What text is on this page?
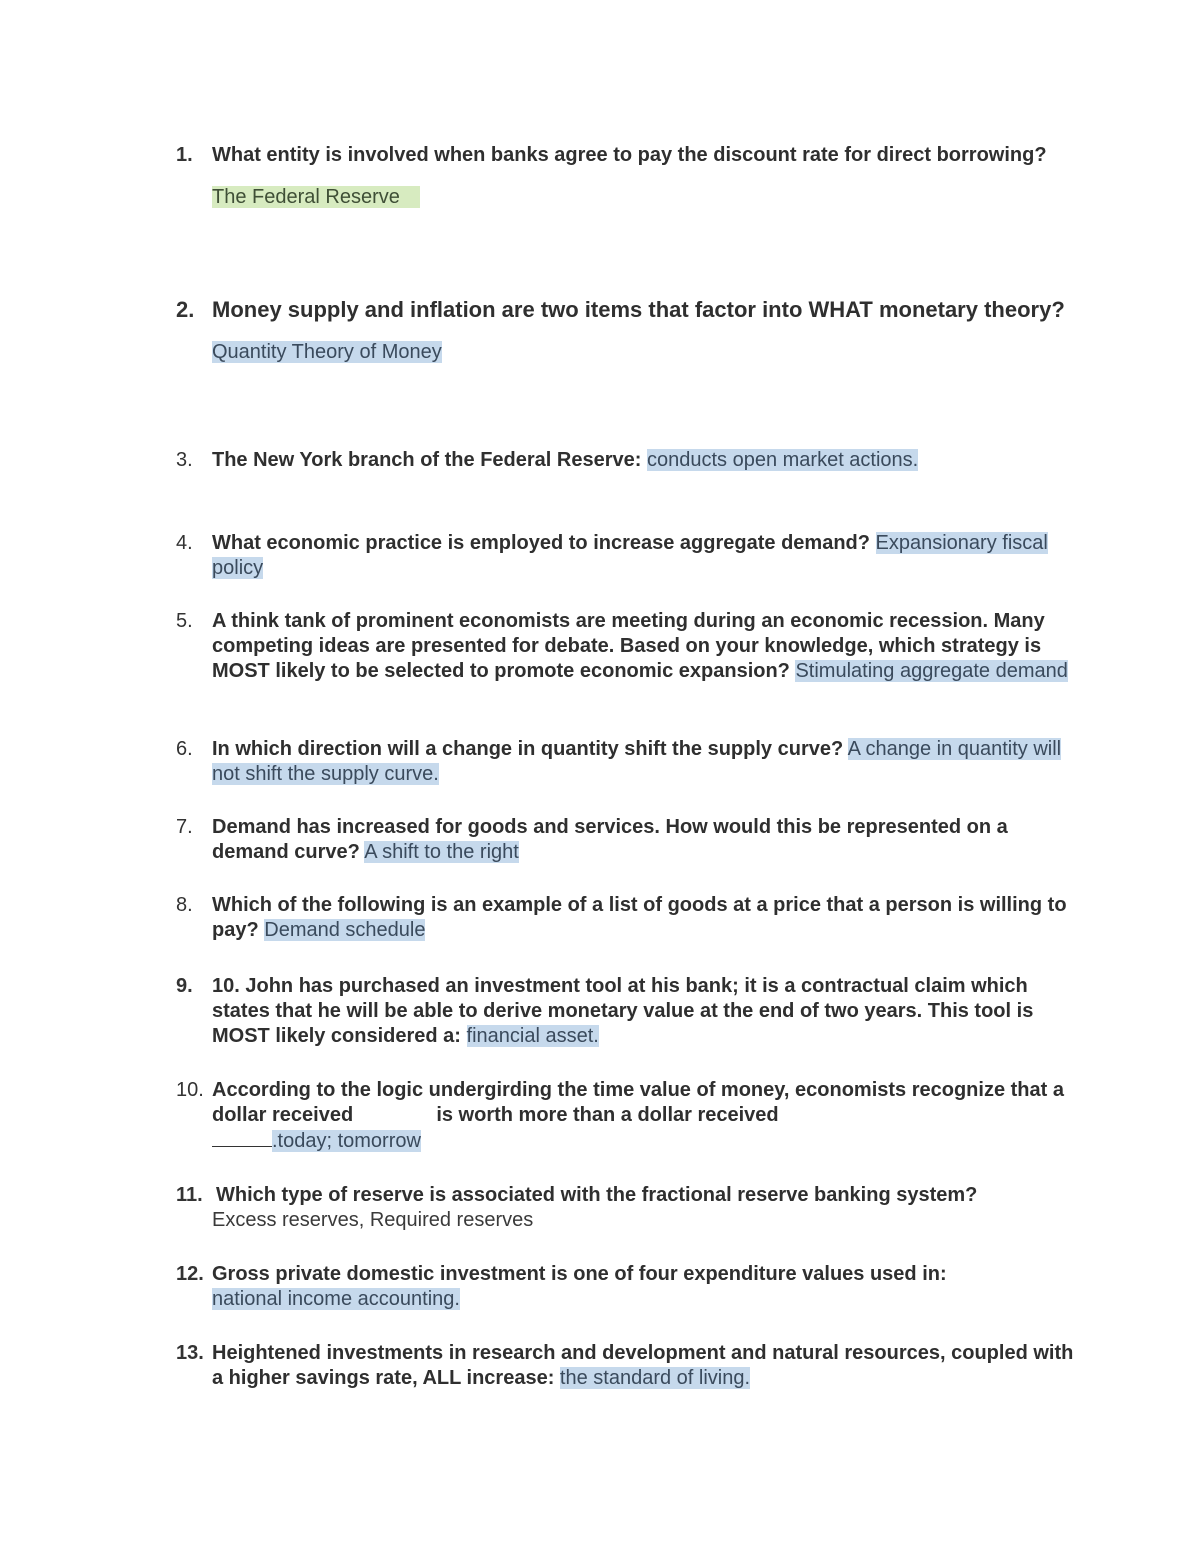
1. What entity is involved when banks agree to pay the discount rate for direct borrowing?
The Federal Reserve
2. Money supply and inflation are two items that factor into WHAT monetary theory?
Quantity Theory of Money
3. The New York branch of the Federal Reserve: conducts open market actions.
4. What economic practice is employed to increase aggregate demand? Expansionary fiscal policy
5. A think tank of prominent economists are meeting during an economic recession. Many competing ideas are presented for debate. Based on your knowledge, which strategy is MOST likely to be selected to promote economic expansion? Stimulating aggregate demand
6. In which direction will a change in quantity shift the supply curve? A change in quantity will not shift the supply curve.
7. Demand has increased for goods and services. How would this be represented on a demand curve? A shift to the right
8. Which of the following is an example of a list of goods at a price that a person is willing to pay? Demand schedule
9. 10. John has purchased an investment tool at his bank; it is a contractual claim which states that he will be able to derive monetary value at the end of two years. This tool is MOST likely considered a: financial asset.
10. According to the logic undergirding the time value of money, economists recognize that a dollar received	is worth more than a dollar received
.today; tomorrow
11. Which type of reserve is associated with the fractional reserve banking system?
Excess reserves, Required reserves
12. Gross private domestic investment is one of four expenditure values used in:
national income accounting.
13. Heightened investments in research and development and natural resources, coupled with a higher savings rate, ALL increase: the standard of living.
